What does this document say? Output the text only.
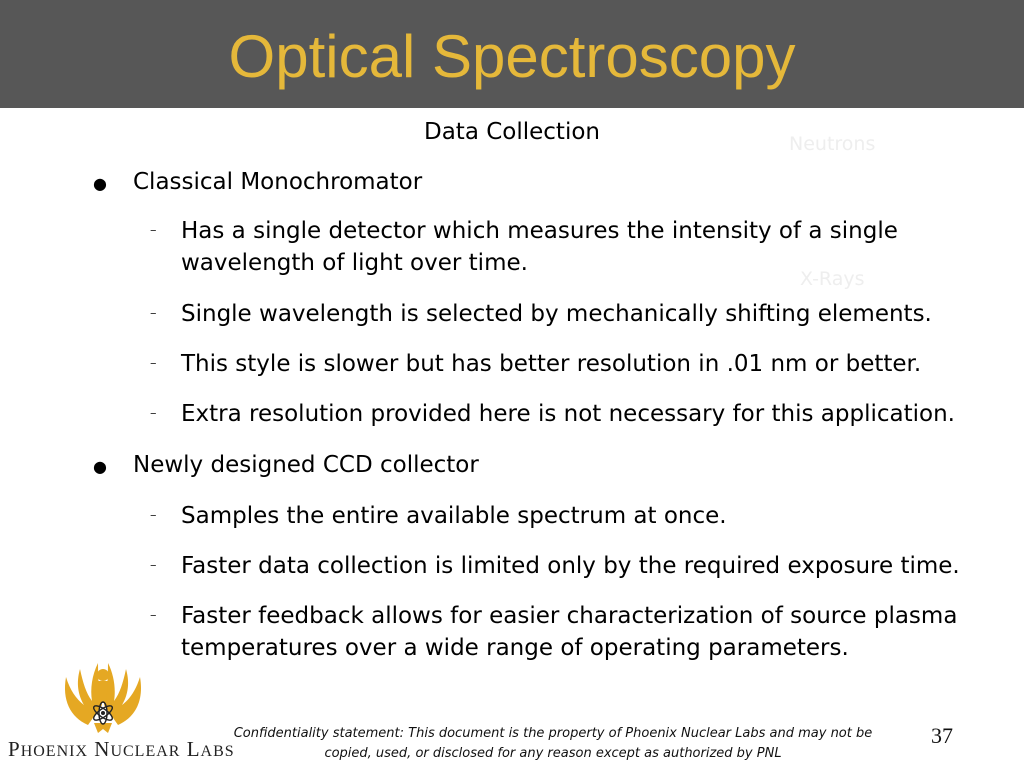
Optical Spectroscopy
Data Collection	Neutrons
X-Rays
● Classical Monochromator
– Has a single detector which measures the intensity of a single wavelength of light over time.
– Single wavelength is selected by mechanically shifting elements.
– This style is slower but has better resolution in .01 nm or better.
– Extra resolution provided here is not necessary for this application.
● Newly designed CCD collector
– Samples the entire available spectrum at once.
– Faster data collection is limited only by the required exposure time.
– Faster feedback allows for easier characterization of source plasma temperatures over a wide range of operating parameters.
PHOENIX NUCLEAR LABS
Confidentiality statement: This document is the property of Phoenix Nuclear Labs and may not be copied, used, or disclosed for any reason except as authorized by PNL
37
